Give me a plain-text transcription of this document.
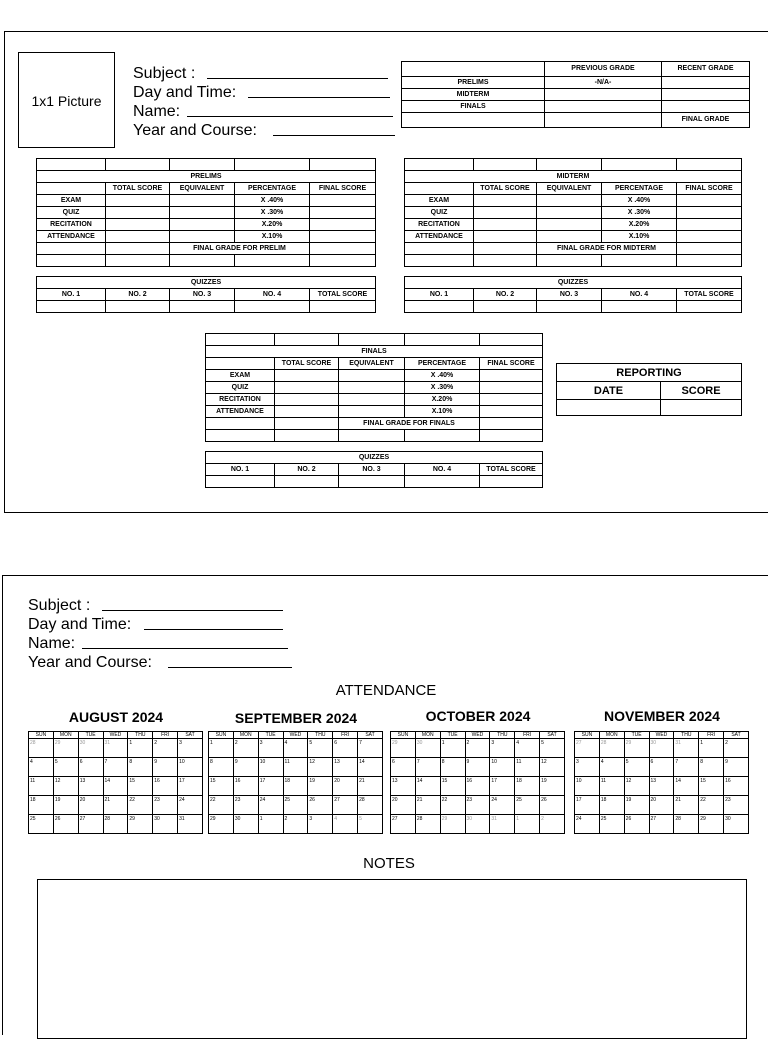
1x1 Picture
Subject :
Day and Time:
Name:
Year and Course:
	PREVIOUS GRADE	RECENT GRADE
PRELIMS	-N/A-	
MIDTERM		
FINALS		
		FINAL GRADE

PRELIMS				
	TOTAL SCORE	EQUIVALENT	PERCENTAGE	FINAL SCORE
EXAM			X .40%	
QUIZ			X .30%	
RECITATION			X.20%	
ATTENDANCE			X.10%	
		FINAL GRADE FOR PRELIM		

QUIZZES				
NO. 1	NO. 2	NO. 3	NO. 4	TOTAL SCORE

MIDTERM				
	TOTAL SCORE	EQUIVALENT	PERCENTAGE	FINAL SCORE
EXAM			X .40%	
QUIZ			X .30%	
RECITATION			X.20%	
ATTENDANCE			X.10%	
		FINAL GRADE FOR MIDTERM		

QUIZZES				
NO. 1	NO. 2	NO. 3	NO. 4	TOTAL SCORE

FINALS				
	TOTAL SCORE	EQUIVALENT	PERCENTAGE	FINAL SCORE
EXAM			X .40%	
QUIZ			X .30%	
RECITATION			X.20%	
ATTENDANCE			X.10%	
		FINAL GRADE FOR FINALS		

QUIZZES				
NO. 1	NO. 2	NO. 3	NO. 4	TOTAL SCORE

REPORTING	
DATE	SCORE

Subject :
Day and Time:
Name:
Year and Course:
ATTENDANCE
AUGUST 2024	SEPTEMBER 2024	OCTOBER 2024	NOVEMBER 2024
SUN	MON	TUE	WED	THU	FRI	SAT
28	29	30	31	1	2	3
4	5	6	7	8	9	10
11	12	13	14	15	16	17
18	19	20	21	22	23	24
25	26	27	28	29	30	31
SUN	MON	TUE	WED	THU	FRI	SAT
1	2	3	4	5	6	7
8	9	10	11	12	13	14
15	16	17	18	19	20	21
22	23	24	25	26	27	28
29	30	1	2	3	4	5
SUN	MON	TUE	WED	THU	FRI	SAT
29	30	1	2	3	4	5
6	7	8	9	10	11	12
13	14	15	16	17	18	19
20	21	22	23	24	25	26
27	28	29	30	31	1	2
SUN	MON	TUE	WED	THU	FRI	SAT
27	28	29	30	31	1	2
3	4	5	6	7	8	9
10	11	12	13	14	15	16
17	18	19	20	21	22	23
24	25	26	27	28	29	30
NOTES
